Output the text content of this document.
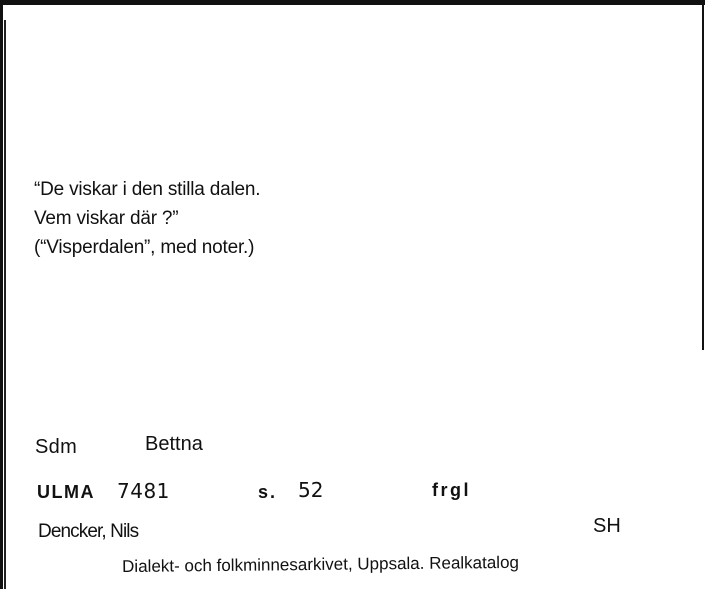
“De viskar i den stilla dalen.
Vem viskar där ?”
(“Visperdalen”, med noter.)
Sdm	Bettna
ULMA 7481	s. 52	frgl
Dencker, Nils	SH
Dialekt- och folkminnesarkivet, Uppsala. Realkatalog
